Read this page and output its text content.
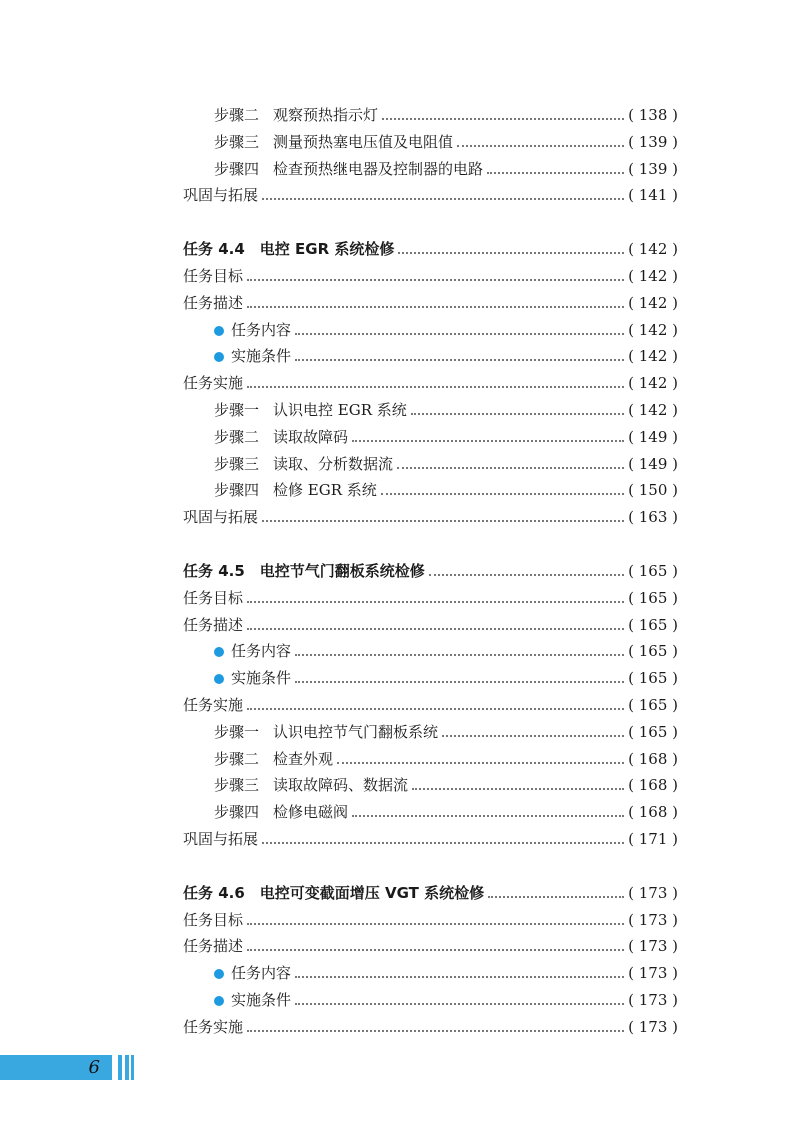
步骤二 观察预热指示灯	( 138 )
步骤三 测量预热塞电压值及电阻值	( 139 )
步骤四 检查预热继电器及控制器的电路	( 139 )
巩固与拓展	( 141 )
任务 4.4　电控 EGR 系统检修	( 142 )
任务目标	( 142 )
任务描述	( 142 )
任务内容	( 142 )
实施条件	( 142 )
任务实施	( 142 )
步骤一 认识电控 EGR 系统	( 142 )
步骤二 读取故障码	( 149 )
步骤三 读取、分析数据流	( 149 )
步骤四 检修 EGR 系统	( 150 )
巩固与拓展	( 163 )
任务 4.5　电控节气门翻板系统检修	( 165 )
任务目标	( 165 )
任务描述	( 165 )
任务内容	( 165 )
实施条件	( 165 )
任务实施	( 165 )
步骤一 认识电控节气门翻板系统	( 165 )
步骤二 检查外观	( 168 )
步骤三 读取故障码、数据流	( 168 )
步骤四 检修电磁阀	( 168 )
巩固与拓展	( 171 )
任务 4.6　电控可变截面增压 VGT 系统检修	( 173 )
任务目标	( 173 )
任务描述	( 173 )
任务内容	( 173 )
实施条件	( 173 )
任务实施	( 173 )
6
